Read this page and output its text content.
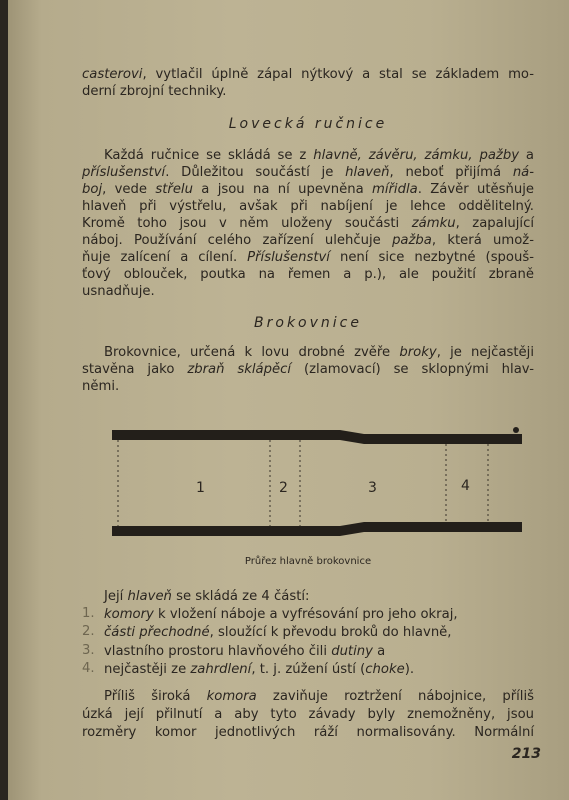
casterovi, vytlačil úplně zápal nýtkový a stal se základem mo-
derní zbrojní techniky.
Lovecká ručnice
Každá ručnice se skládá se z hlavně, závěru, zámku, pažby a
příslušenství. Důležitou součástí je hlaveň, neboť přijímá ná-
boj, vede střelu a jsou na ní upevněna mířidla. Závěr utěsňuje
hlaveň při výstřelu, avšak při nabíjení je lehce oddělitelný.
Kromě toho jsou v něm uloženy součásti zámku, zapalující
náboj. Používání celého zařízení ulehčuje pažba, která umož-
ňuje zalícení a cílení. Příslušenství není sice nezbytné (spouš-
ťový oblouček, poutka na řemen a p.), ale použití zbraně
usnadňuje.
Brokovnice
Brokovnice, určená k lovu drobné zvěře broky, je nejčastěji
stavěna jako zbraň sklápěcí (zlamovací) se sklopnými hlav-
němi.
1	2	3	4
Průřez hlavně brokovnice
Její hlaveň se skládá ze 4 částí:
1. komory k vložení náboje a vyfrésování pro jeho okraj,
2. části přechodné, sloužící k převodu broků do hlavně,
3. vlastního prostoru hlavňového čili dutiny a
4. nejčastěji ze zahrdlení, t. j. zúžení ústí (choke).
Příliš široká komora zaviňuje roztržení nábojnice, příliš
úzká její přilnutí a aby tyto závady byly znemožněny, jsou
rozměry komor jednotlivých ráží normalisovány. Normální
213
